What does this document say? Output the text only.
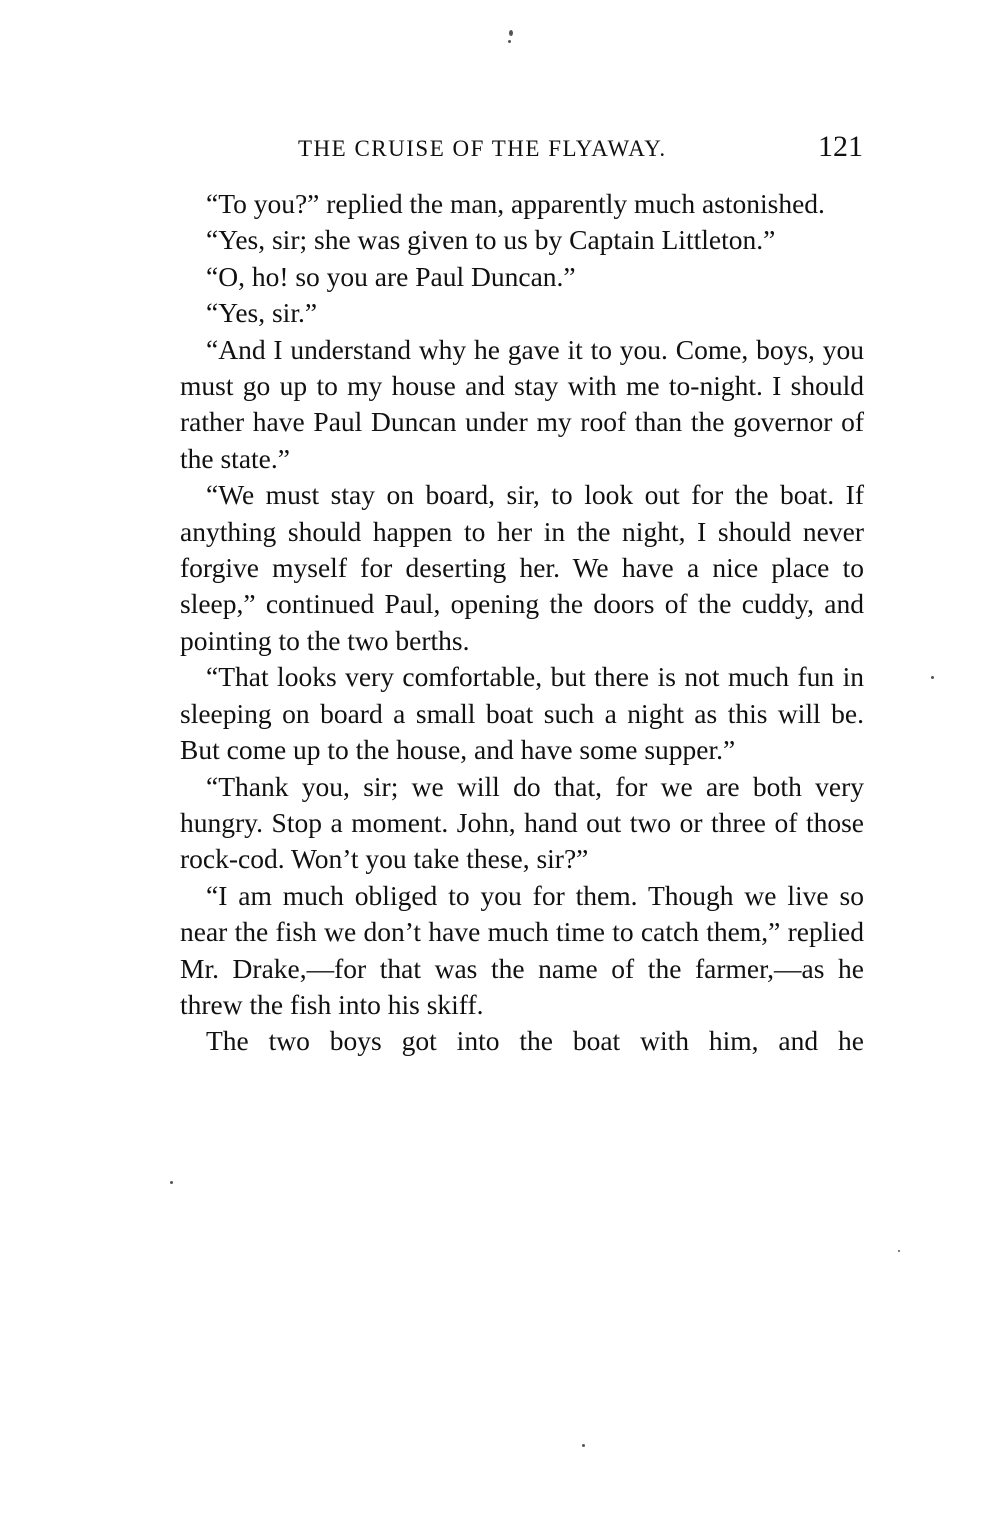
THE CRUISE OF THE FLYAWAY.	121

“To you?” replied the man, apparently much astonished.

“Yes, sir; she was given to us by Captain Littleton.”

“O, ho! so you are Paul Duncan.”

“Yes, sir.”

“And I understand why he gave it to you. Come, boys, you must go up to my house and stay with me to-night. I should rather have Paul Duncan under my roof than the governor of the state.”

“We must stay on board, sir, to look out for the boat. If anything should happen to her in the night, I should never forgive myself for deserting her. We have a nice place to sleep,” continued Paul, opening the doors of the cuddy, and pointing to the two berths.

“That looks very comfortable, but there is not much fun in sleeping on board a small boat such a night as this will be. But come up to the house, and have some supper.”

“Thank you, sir; we will do that, for we are both very hungry. Stop a moment. John, hand out two or three of those rock-cod. Won’t you take these, sir?”

“I am much obliged to you for them. Though we live so near the fish we don’t have much time to catch them,” replied Mr. Drake,—for that was the name of the farmer,—as he threw the fish into his skiff.

The two boys got into the boat with him, and he
